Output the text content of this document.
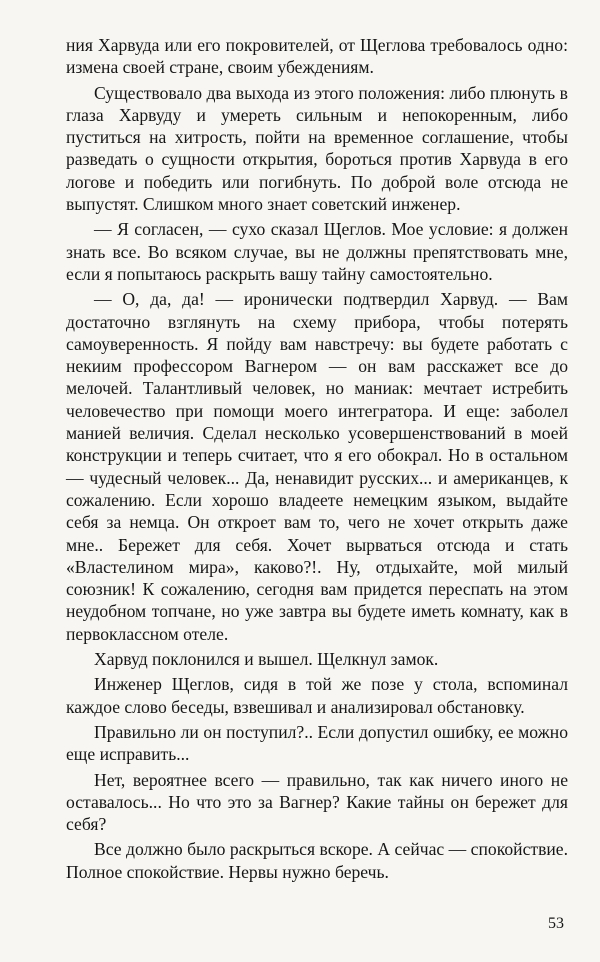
ния Харвуда или его покровителей, от Щеглова требовалось одно: измена своей стране, своим убеждениям.

Существовало два выхода из этого положения: либо плюнуть в глаза Харвуду и умереть сильным и непокоренным, либо пуститься на хитрость, пойти на временное соглашение, чтобы разведать о сущности открытия, бороться против Харвуда в его логове и победить или погибнуть. По доброй воле отсюда не выпустят. Слишком много знает советский инженер.

— Я согласен, — сухо сказал Щеглов. Мое условие: я должен знать все. Во всяком случае, вы не должны препятствовать мне, если я попытаюсь раскрыть вашу тайну самостоятельно.

— О, да, да! — иронически подтвердил Харвуд. — Вам достаточно взглянуть на схему прибора, чтобы потерять самоуверенность. Я пойду вам навстречу: вы будете работать с некиим профессором Вагнером — он вам расскажет все до мелочей. Талантливый человек, но маниак: мечтает истребить человечество при помощи моего интегратора. И еще: заболел манией величия. Сделал несколько усовершенствований в моей конструкции и теперь считает, что я его обокрал. Но в остальном — чудесный человек... Да, ненавидит русских... и американцев, к сожалению. Если хорошо владеете немецким языком, выдайте себя за немца. Он откроет вам то, чего не хочет открыть даже мне.. Бережет для себя. Хочет вырваться отсюда и стать «Властелином мира», каково?!. Ну, отдыхайте, мой милый союзник! К сожалению, сегодня вам придется переспать на этом неудобном топчане, но уже завтра вы будете иметь комнату, как в первоклассном отеле.

Харвуд поклонился и вышел. Щелкнул замок.

Инженер Щеглов, сидя в той же позе у стола, вспоминал каждое слово беседы, взвешивал и анализировал обстановку.

Правильно ли он поступил?.. Если допустил ошибку, ее можно еще исправить...

Нет, вероятнее всего — правильно, так как ничего иного не оставалось... Но что это за Вагнер? Какие тайны он бережет для себя?

Все должно было раскрыться вскоре. А сейчас — спокойствие. Полное спокойствие. Нервы нужно беречь.

53
